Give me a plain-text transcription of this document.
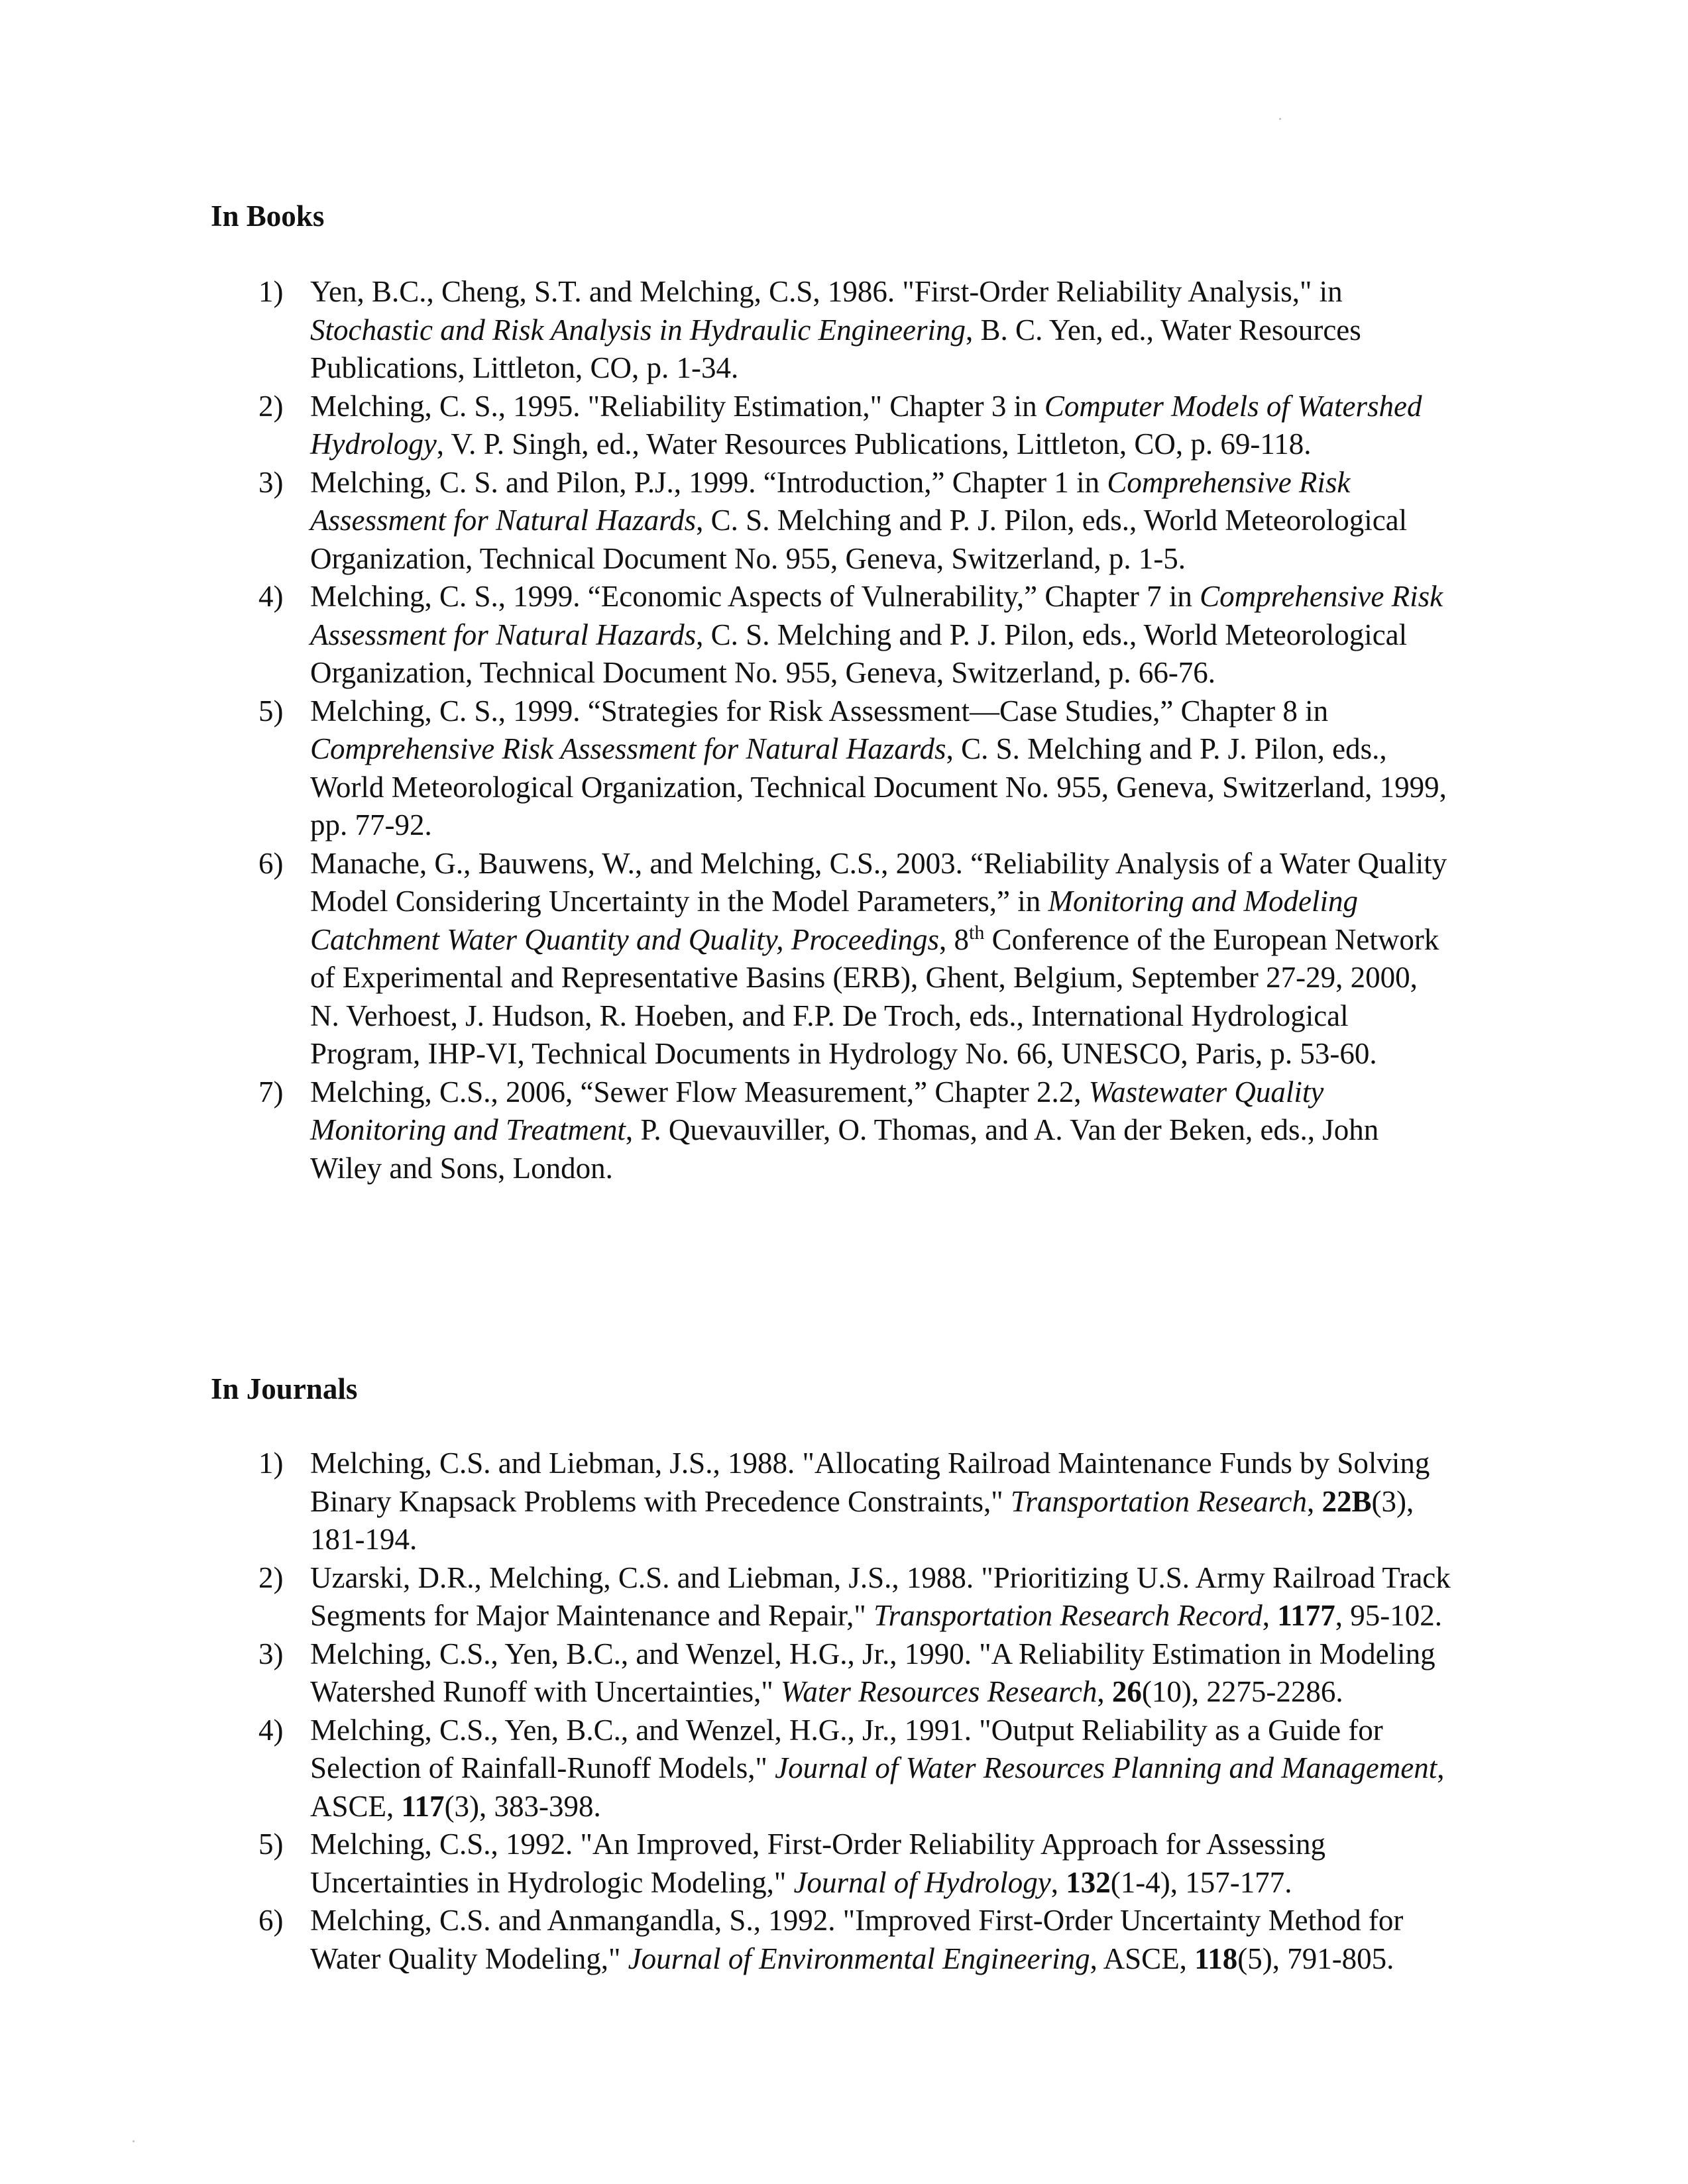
In Books
1) Yen, B.C., Cheng, S.T. and Melching, C.S, 1986. "First-Order Reliability Analysis," in Stochastic and Risk Analysis in Hydraulic Engineering, B. C. Yen, ed., Water Resources Publications, Littleton, CO, p. 1-34.
2) Melching, C. S., 1995. "Reliability Estimation," Chapter 3 in Computer Models of Watershed Hydrology, V. P. Singh, ed., Water Resources Publications, Littleton, CO, p. 69-118.
3) Melching, C. S. and Pilon, P.J., 1999. “Introduction,” Chapter 1 in Comprehensive Risk Assessment for Natural Hazards, C. S. Melching and P. J. Pilon, eds., World Meteorological Organization, Technical Document No. 955, Geneva, Switzerland, p. 1-5.
4) Melching, C. S., 1999. “Economic Aspects of Vulnerability,” Chapter 7 in Comprehensive Risk Assessment for Natural Hazards, C. S. Melching and P. J. Pilon, eds., World Meteorological Organization, Technical Document No. 955, Geneva, Switzerland, p. 66-76.
5) Melching, C. S., 1999. “Strategies for Risk Assessment—Case Studies,” Chapter 8 in Comprehensive Risk Assessment for Natural Hazards, C. S. Melching and P. J. Pilon, eds., World Meteorological Organization, Technical Document No. 955, Geneva, Switzerland, 1999, pp. 77-92.
6) Manache, G., Bauwens, W., and Melching, C.S., 2003. “Reliability Analysis of a Water Quality Model Considering Uncertainty in the Model Parameters,” in Monitoring and Modeling Catchment Water Quantity and Quality, Proceedings, 8th Conference of the European Network of Experimental and Representative Basins (ERB), Ghent, Belgium, September 27-29, 2000, N. Verhoest, J. Hudson, R. Hoeben, and F.P. De Troch, eds., International Hydrological Program, IHP-VI, Technical Documents in Hydrology No. 66, UNESCO, Paris, p. 53-60.
7) Melching, C.S., 2006, “Sewer Flow Measurement,” Chapter 2.2, Wastewater Quality Monitoring and Treatment, P. Quevauviller, O. Thomas, and A. Van der Beken, eds., John Wiley and Sons, London.
In Journals
1) Melching, C.S. and Liebman, J.S., 1988. "Allocating Railroad Maintenance Funds by Solving Binary Knapsack Problems with Precedence Constraints," Transportation Research, 22B(3), 181-194.
2) Uzarski, D.R., Melching, C.S. and Liebman, J.S., 1988. "Prioritizing U.S. Army Railroad Track Segments for Major Maintenance and Repair," Transportation Research Record, 1177, 95-102.
3) Melching, C.S., Yen, B.C., and Wenzel, H.G., Jr., 1990. "A Reliability Estimation in Modeling Watershed Runoff with Uncertainties," Water Resources Research, 26(10), 2275-2286.
4) Melching, C.S., Yen, B.C., and Wenzel, H.G., Jr., 1991. "Output Reliability as a Guide for Selection of Rainfall-Runoff Models," Journal of Water Resources Planning and Management, ASCE, 117(3), 383-398.
5) Melching, C.S., 1992. "An Improved, First-Order Reliability Approach for Assessing Uncertainties in Hydrologic Modeling," Journal of Hydrology, 132(1-4), 157-177.
6) Melching, C.S. and Anmangandla, S., 1992. "Improved First-Order Uncertainty Method for Water Quality Modeling," Journal of Environmental Engineering, ASCE, 118(5), 791-805.
